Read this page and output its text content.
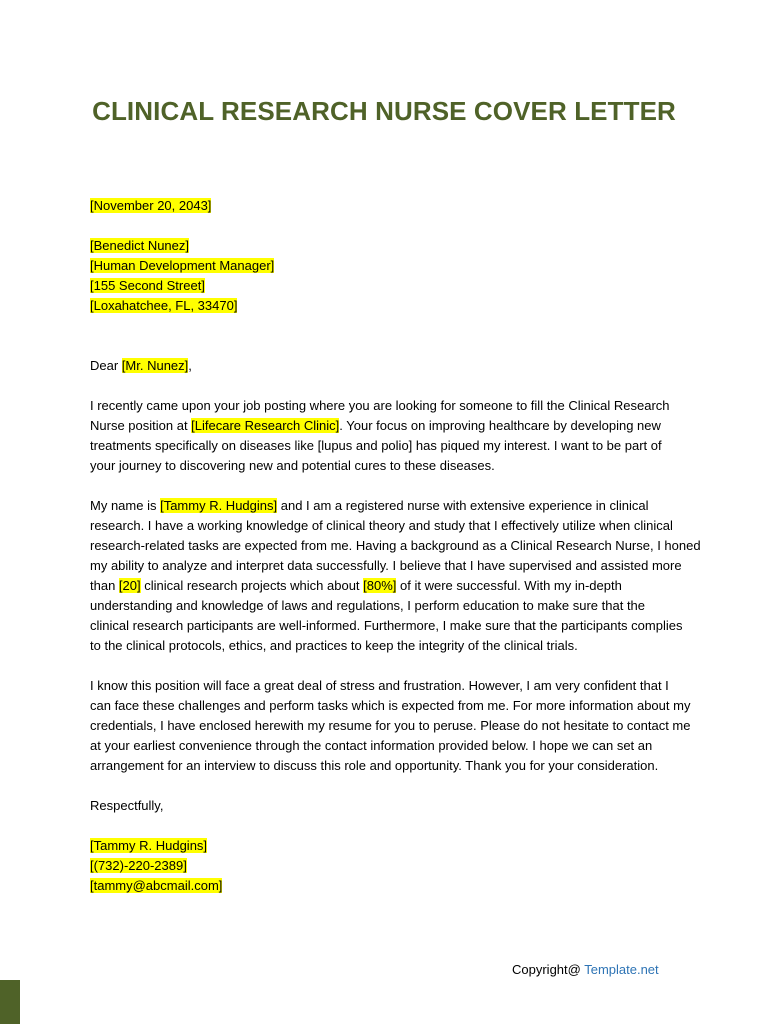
CLINICAL RESEARCH NURSE COVER LETTER
[November 20, 2043]
[Benedict Nunez]
[Human Development Manager]
[155 Second Street]
[Loxahatchee, FL, 33470]
Dear [Mr. Nunez],
I recently came upon your job posting where you are looking for someone to fill the Clinical Research
Nurse position at [Lifecare Research Clinic]. Your focus on improving healthcare by developing new
treatments specifically on diseases like [lupus and polio] has piqued my interest. I want to be part of
your journey to discovering new and potential cures to these diseases.
My name is [Tammy R. Hudgins] and I am a registered nurse with extensive experience in clinical
research. I have a working knowledge of clinical theory and study that I effectively utilize when clinical
research-related tasks are expected from me. Having a background as a Clinical Research Nurse, I honed
my ability to analyze and interpret data successfully. I believe that I have supervised and assisted more
than [20] clinical research projects which about [80%] of it were successful. With my in-depth
understanding and knowledge of laws and regulations, I perform education to make sure that the
clinical research participants are well-informed. Furthermore, I make sure that the participants complies
to the clinical protocols, ethics, and practices to keep the integrity of the clinical trials.
I know this position will face a great deal of stress and frustration. However, I am very confident that I
can face these challenges and perform tasks which is expected from me. For more information about my
credentials, I have enclosed herewith my resume for you to peruse. Please do not hesitate to contact me
at your earliest convenience through the contact information provided below. I hope we can set an
arrangement for an interview to discuss this role and opportunity. Thank you for your consideration.
Respectfully,
[Tammy R. Hudgins]
[(732)-220-2389]
[tammy@abcmail.com]
Copyright@ Template.net
